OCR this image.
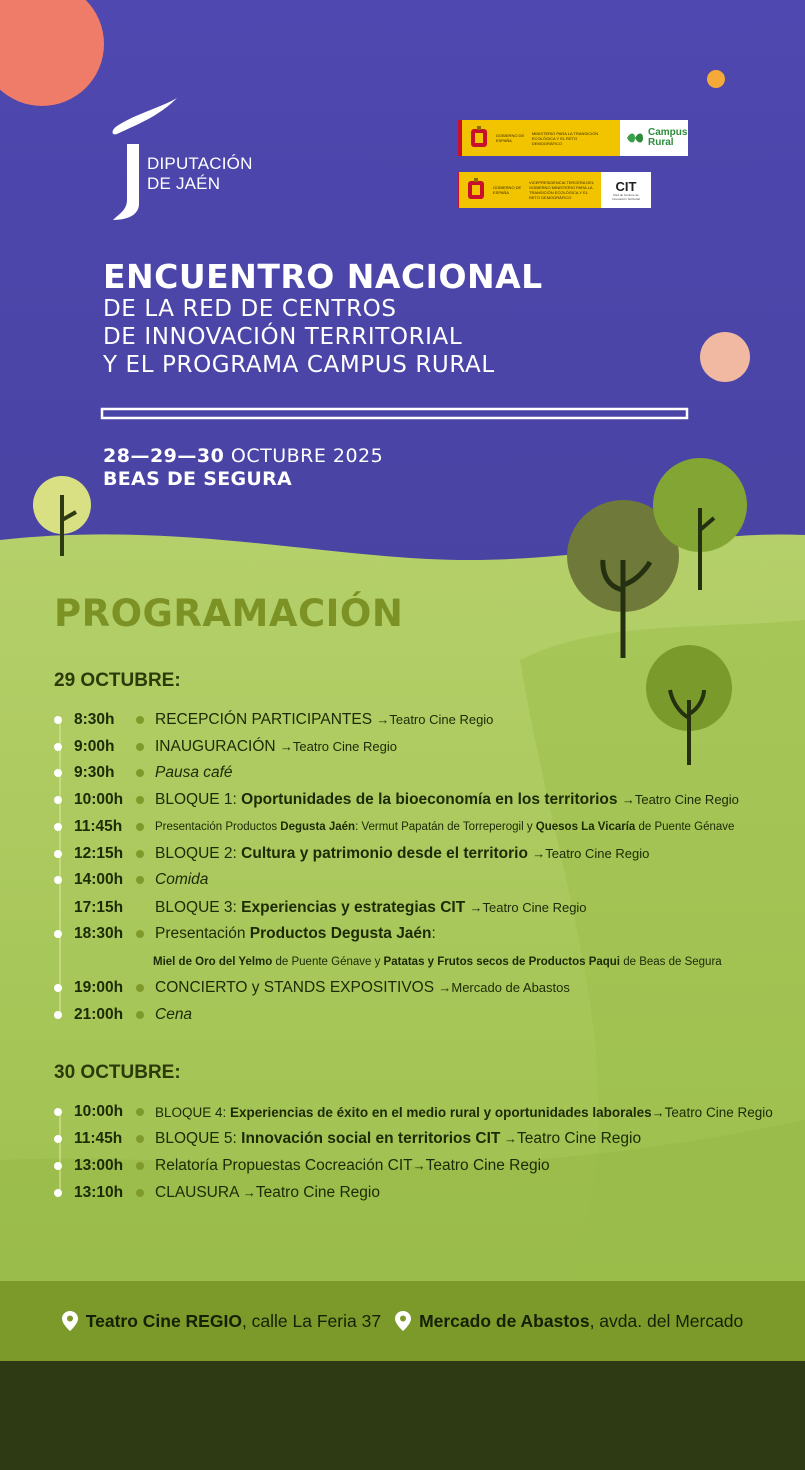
DIPUTACIÓN
DE JAÉN
GOBIERNO DE ESPAÑA
MINISTERIO PARA LA TRANSICIÓN ECOLÓGICA Y EL RETO DEMOGRÁFICO
Campus Rural
GOBIERNO DE ESPAÑA
VICEPRESIDENCIA TERCERA DEL GOBIERNO MINISTERIO PARA LA TRANSICIÓN ECOLÓGICA Y EL RETO DEMOGRÁFICO
CIT
Red de Centros de Innovación Territorial
ENCUENTRO NACIONAL
DE LA RED DE CENTROS
DE INNOVACIÓN TERRITORIAL
Y EL PROGRAMA CAMPUS RURAL
28—29—30 OCTUBRE 2025
BEAS DE SEGURA
PROGRAMACIÓN
29 OCTUBRE:
8:30h	RECEPCIÓN PARTICIPANTES →Teatro Cine Regio
9:00h	INAUGURACIÓN →Teatro Cine Regio
9:30h	Pausa café
10:00h	BLOQUE 1: Oportunidades de la bioeconomía en los territorios →Teatro Cine Regio
11:45h	Presentación Productos Degusta Jaén: Vermut Papatán de Torreperogil y Quesos La Vicaría de Puente Génave
12:15h	BLOQUE 2: Cultura y patrimonio desde el territorio →Teatro Cine Regio
14:00h	Comida
17:15h	BLOQUE 3: Experiencias y estrategias CIT →Teatro Cine Regio
18:30h	Presentación Productos Degusta Jaén:
Miel de Oro del Yelmo de Puente Génave y Patatas y Frutos secos de Productos Paqui de Beas de Segura
19:00h	CONCIERTO y STANDS EXPOSITIVOS →Mercado de Abastos
21:00h	Cena
30 OCTUBRE:
10:00h	BLOQUE 4: Experiencias de éxito en el medio rural y oportunidades laborales→Teatro Cine Regio
11:45h	BLOQUE 5: Innovación social en territorios CIT →Teatro Cine Regio
13:00h	Relatoría Propuestas Cocreación CIT→Teatro Cine Regio
13:10h	CLAUSURA →Teatro Cine Regio
Teatro Cine REGIO, calle La Feria 37 Mercado de Abastos, avda. del Mercado
